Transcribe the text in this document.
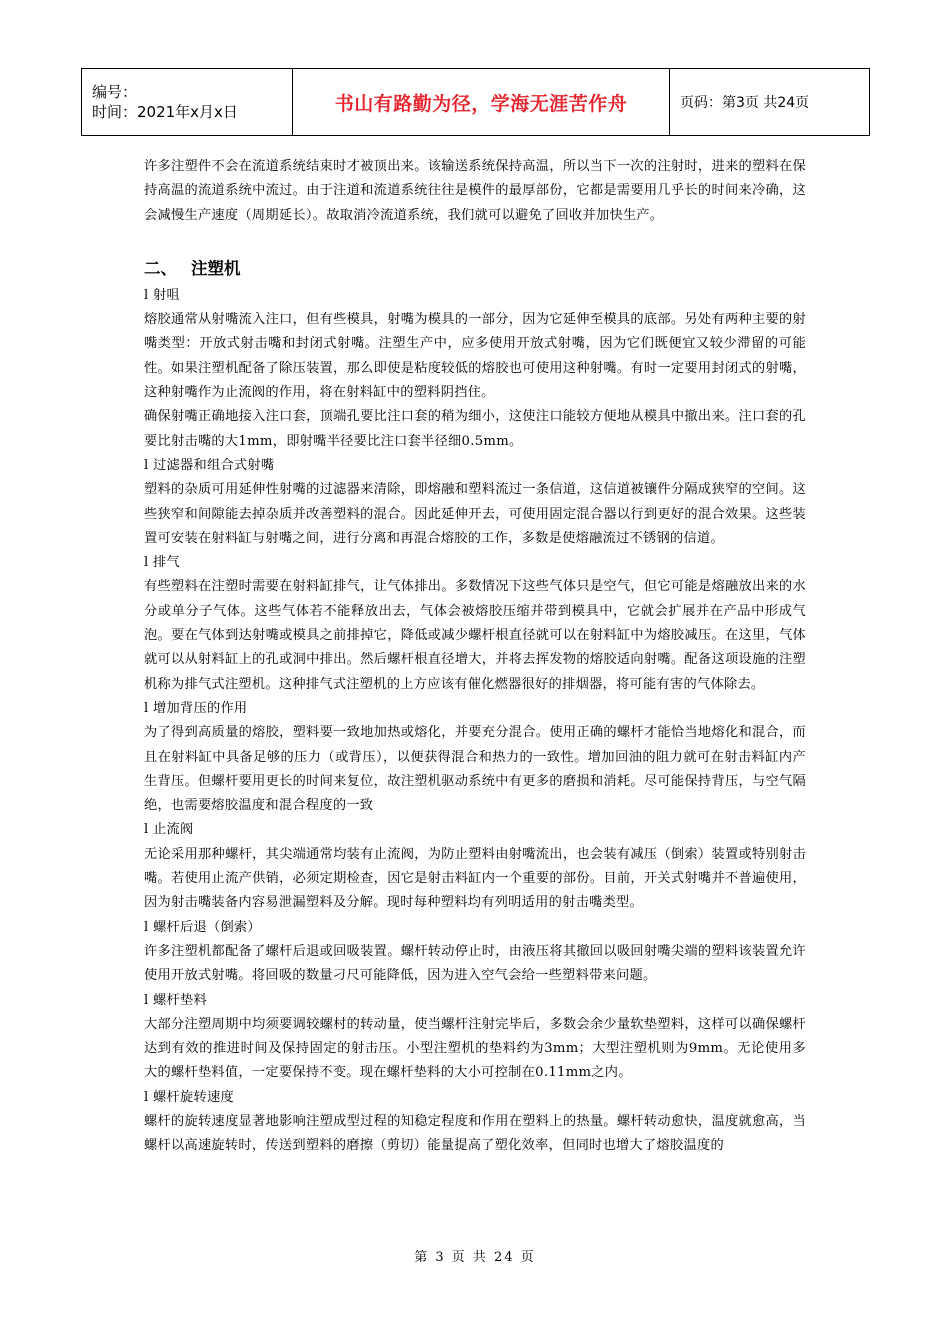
编号：
时间：2021年x月x日	书山有路勤为径，学海无涯苦作舟	页码：第3页 共24页

许多注塑件不会在流道系统结束时才被顶出来。该输送系统保持高温，所以当下一次的注射时，进来的塑料在保持高温的流道系统中流过。由于注道和流道系统往往是模件的最厚部份，它都是需要用几乎长的时间来冷确，这会减慢生产速度（周期延长）。故取消冷流道系统，我们就可以避免了回收并加快生产。

二、 注塑机
l 射咀

熔胶通常从射嘴流入注口，但有些模具，射嘴为模具的一部分，因为它延伸至模具的底部。另处有两种主要的射嘴类型：开放式射击嘴和封闭式射嘴。注塑生产中，应多使用开放式射嘴，因为它们既便宜又较少滞留的可能性。如果注塑机配备了除压装置，那么即使是粘度较低的熔胶也可使用这种射嘴。有时一定要用封闭式的射嘴，这种射嘴作为止流阀的作用，将在射料缸中的塑料阴挡住。

确保射嘴正确地接入注口套，顶端孔要比注口套的稍为细小，这使注口能较方便地从模具中撤出来。注口套的孔要比射击嘴的大1mm，即射嘴半径要比注口套半径细0.5mm。

l 过滤器和组合式射嘴

塑料的杂质可用延伸性射嘴的过滤器来清除，即熔融和塑料流过一条信道，这信道被镶件分隔成狭窄的空间。这些狭窄和间隙能去掉杂质并改善塑料的混合。因此延伸开去，可使用固定混合器以行到更好的混合效果。这些装置可安装在射料缸与射嘴之间，进行分离和再混合熔胶的工作，多数是使熔融流过不锈钢的信道。

l 排气

有些塑料在注塑时需要在射料缸排气，让气体排出。多数情况下这些气体只是空气，但它可能是熔融放出来的水分或单分子气体。这些气体若不能释放出去，气体会被熔胶压缩并带到模具中，它就会扩展并在产品中形成气泡。要在气体到达射嘴或模具之前排掉它，降低或减少螺杆根直径就可以在射料缸中为熔胶减压。在这里，气体就可以从射料缸上的孔或洞中排出。然后螺杆根直径增大，并将去挥发物的熔胶适向射嘴。配备这项设施的注塑机称为排气式注塑机。这种排气式注塑机的上方应该有催化燃器很好的排烟器，将可能有害的气体除去。

l 增加背压的作用

为了得到高质量的熔胶，塑料要一致地加热或熔化，并要充分混合。使用正确的螺杆才能恰当地熔化和混合，而且在射料缸中具备足够的压力（或背压），以便获得混合和热力的一致性。增加回油的阻力就可在射击料缸内产生背压。但螺杆要用更长的时间来复位，故注塑机驱动系统中有更多的磨损和消耗。尽可能保持背压，与空气隔绝，也需要熔胶温度和混合程度的一致

l 止流阀

无论采用那种螺杆，其尖端通常均装有止流阀，为防止塑料由射嘴流出，也会装有减压（倒索）装置或特别射击嘴。若使用止流产供销，必须定期检查，因它是射击料缸内一个重要的部份。目前，开关式射嘴并不普遍使用，因为射击嘴装备内容易泄漏塑料及分解。现时每种塑料均有列明适用的射击嘴类型。

l 螺杆后退（倒索）

许多注塑机都配备了螺杆后退或回吸装置。螺杆转动停止时，由液压将其撤回以吸回射嘴尖端的塑料该装置允许使用开放式射嘴。将回吸的数量刁尺可能降低，因为进入空气会给一些塑料带来问题。

l 螺杆垫料

大部分注塑周期中均须要调较螺村的转动量，使当螺杆注射完毕后，多数会余少量软垫塑料，这样可以确保螺杆达到有效的推进时间及保持固定的射击压。小型注塑机的垫料约为3mm；大型注塑机则为9mm。无论使用多大的螺杆垫料值，一定要保持不变。现在螺杆垫料的大小可控制在0.11mm之内。

l 螺杆旋转速度

螺杆的旋转速度显著地影响注塑成型过程的知稳定程度和作用在塑料上的热量。螺杆转动愈快，温度就愈高，当螺杆以高速旋转时，传送到塑料的磨擦（剪切）能量提高了塑化效率，但同时也增大了熔胶温度的

第 3 页 共 24 页
